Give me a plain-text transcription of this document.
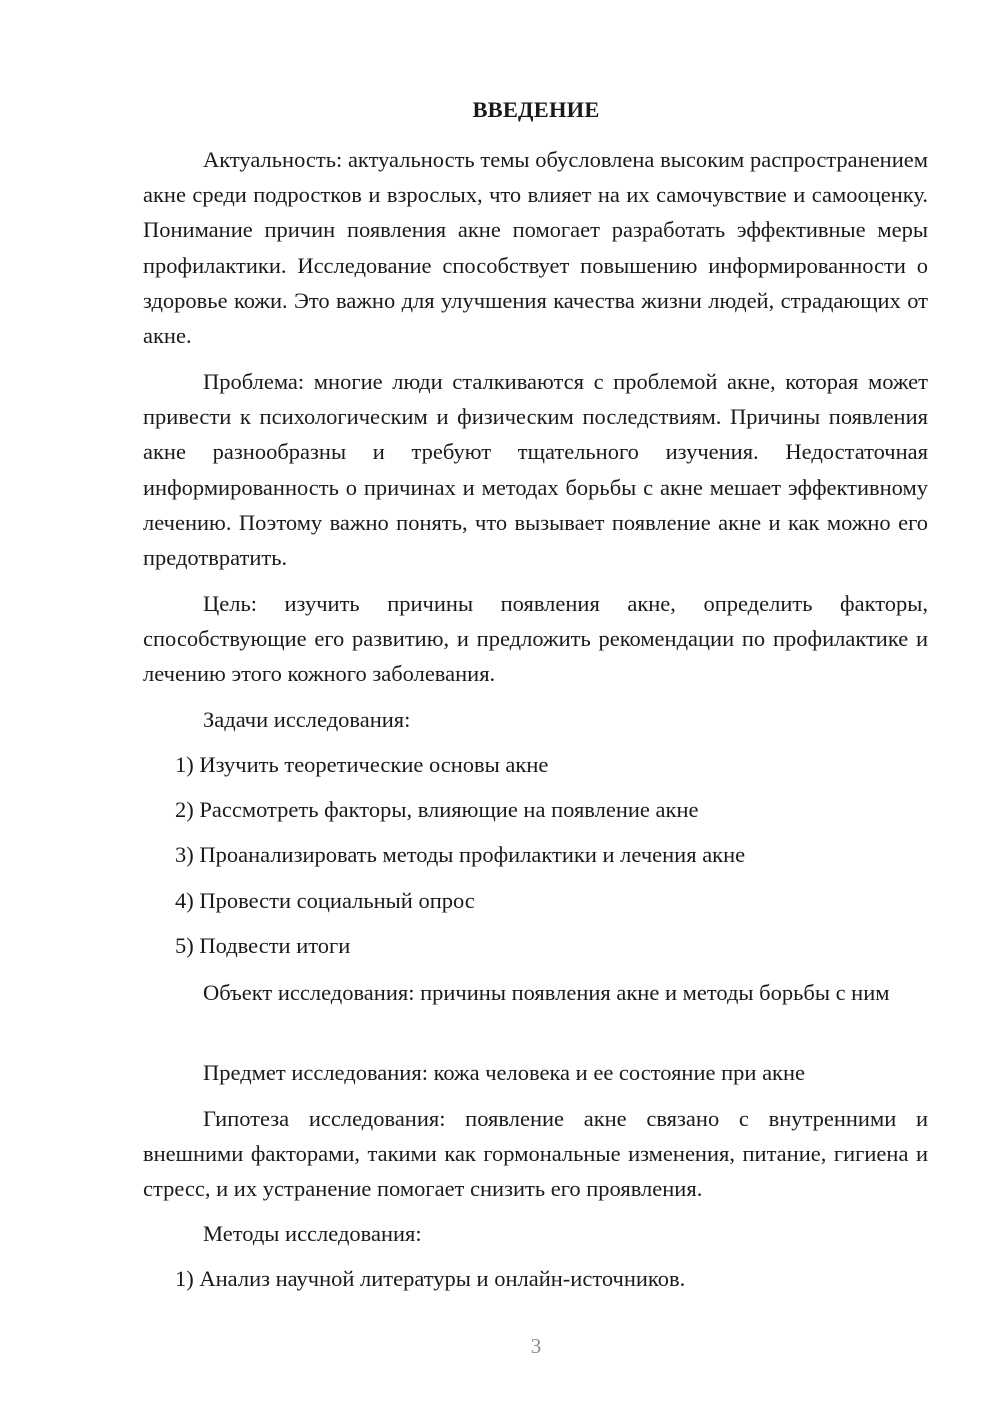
ВВЕДЕНИЕ

Актуальность: актуальность темы обусловлена высоким распространением акне среди подростков и взрослых, что влияет на их самочувствие и самооценку. Понимание причин появления акне помогает разработать эффективные меры профилактики. Исследование способствует повышению информированности о здоровье кожи. Это важно для улучшения качества жизни людей, страдающих от акне.

Проблема: многие люди сталкиваются с проблемой акне, которая может привести к психологическим и физическим последствиям. Причины появления акне разнообразны и требуют тщательного изучения. Недостаточная информированность о причинах и методах борьбы с акне мешает эффективному лечению. Поэтому важно понять, что вызывает появление акне и как можно его предотвратить.

Цель: изучить причины появления акне, определить факторы, способствующие его развитию, и предложить рекомендации по профилактике и лечению этого кожного заболевания.

Задачи исследования:
1) Изучить теоретические основы акне
2) Рассмотреть факторы, влияющие на появление акне
3) Проанализировать методы профилактики и лечения акне
4) Провести социальный опрос
5) Подвести итоги

Объект исследования: причины появления акне и методы борьбы с ним

Предмет исследования: кожа человека и ее состояние при акне

Гипотеза исследования: появление акне связано с внутренними и внешними факторами, такими как гормональные изменения, питание, гигиена и стресс, и их устранение помогает снизить его проявления.

Методы исследования:
1) Анализ научной литературы и онлайн-источников.
3
